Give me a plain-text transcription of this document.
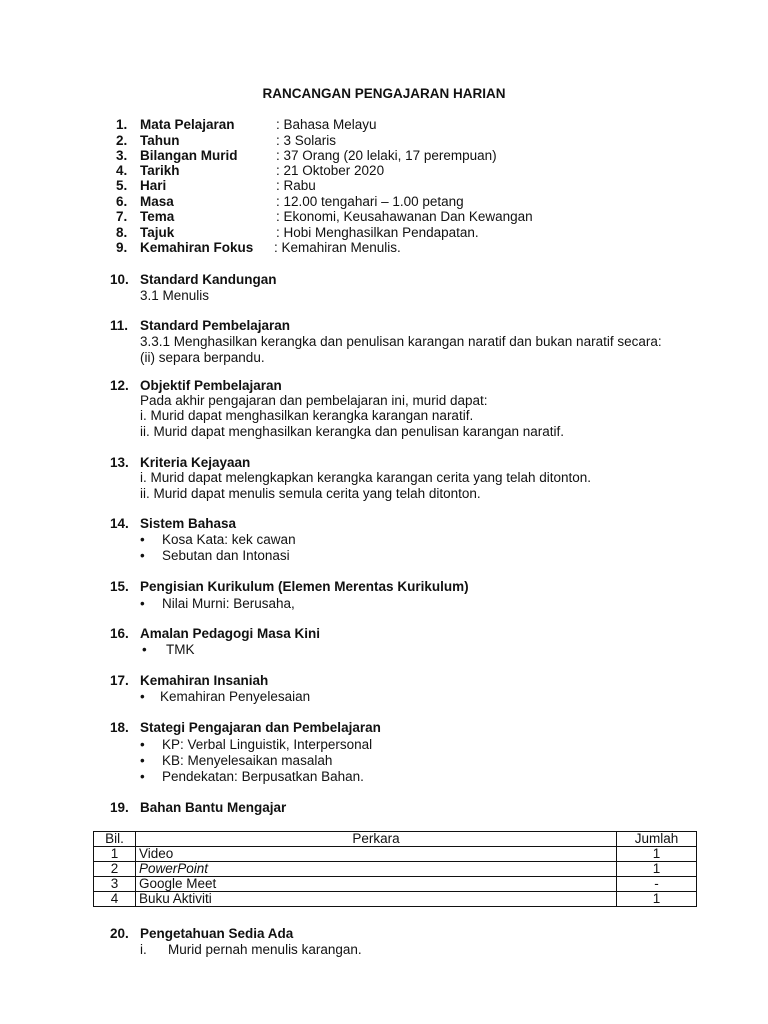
RANCANGAN PENGAJARAN HARIAN
1. Mata Pelajaran	: Bahasa Melayu
2. Tahun	: 3 Solaris
3. Bilangan Murid	: 37 Orang (20 lelaki, 17 perempuan)
4. Tarikh	: 21 Oktober 2020
5. Hari	: Rabu
6. Masa	: 12.00 tengahari – 1.00 petang
7. Tema	: Ekonomi, Keusahawanan Dan Kewangan
8. Tajuk	: Hobi Menghasilkan Pendapatan.
9. Kemahiran Fokus : Kemahiran Menulis.
10. Standard Kandungan
3.1 Menulis
11. Standard Pembelajaran
3.3.1 Menghasilkan kerangka dan penulisan karangan naratif dan bukan naratif secara:
(ii) separa berpandu.
12. Objektif Pembelajaran
Pada akhir pengajaran dan pembelajaran ini, murid dapat:
i. Murid dapat menghasilkan kerangka karangan naratif.
ii. Murid dapat menghasilkan kerangka dan penulisan karangan naratif.
13. Kriteria Kejayaan
i. Murid dapat melengkapkan kerangka karangan cerita yang telah ditonton.
ii. Murid dapat menulis semula cerita yang telah ditonton.
14. Sistem Bahasa
• Kosa Kata: kek cawan
• Sebutan dan Intonasi
15. Pengisian Kurikulum (Elemen Merentas Kurikulum)
• Nilai Murni: Berusaha,
16. Amalan Pedagogi Masa Kini
• TMK
17. Kemahiran Insaniah
• Kemahiran Penyelesaian
18. Stategi Pengajaran dan Pembelajaran
• KP: Verbal Linguistik, Interpersonal
• KB: Menyelesaikan masalah
• Pendekatan: Berpusatkan Bahan.
19. Bahan Bantu Mengajar
Bil.	Perkara	Jumlah
1	Video	1
2	PowerPoint	1
3	Google Meet	-
4	Buku Aktiviti	1
20. Pengetahuan Sedia Ada
i. Murid pernah menulis karangan.
